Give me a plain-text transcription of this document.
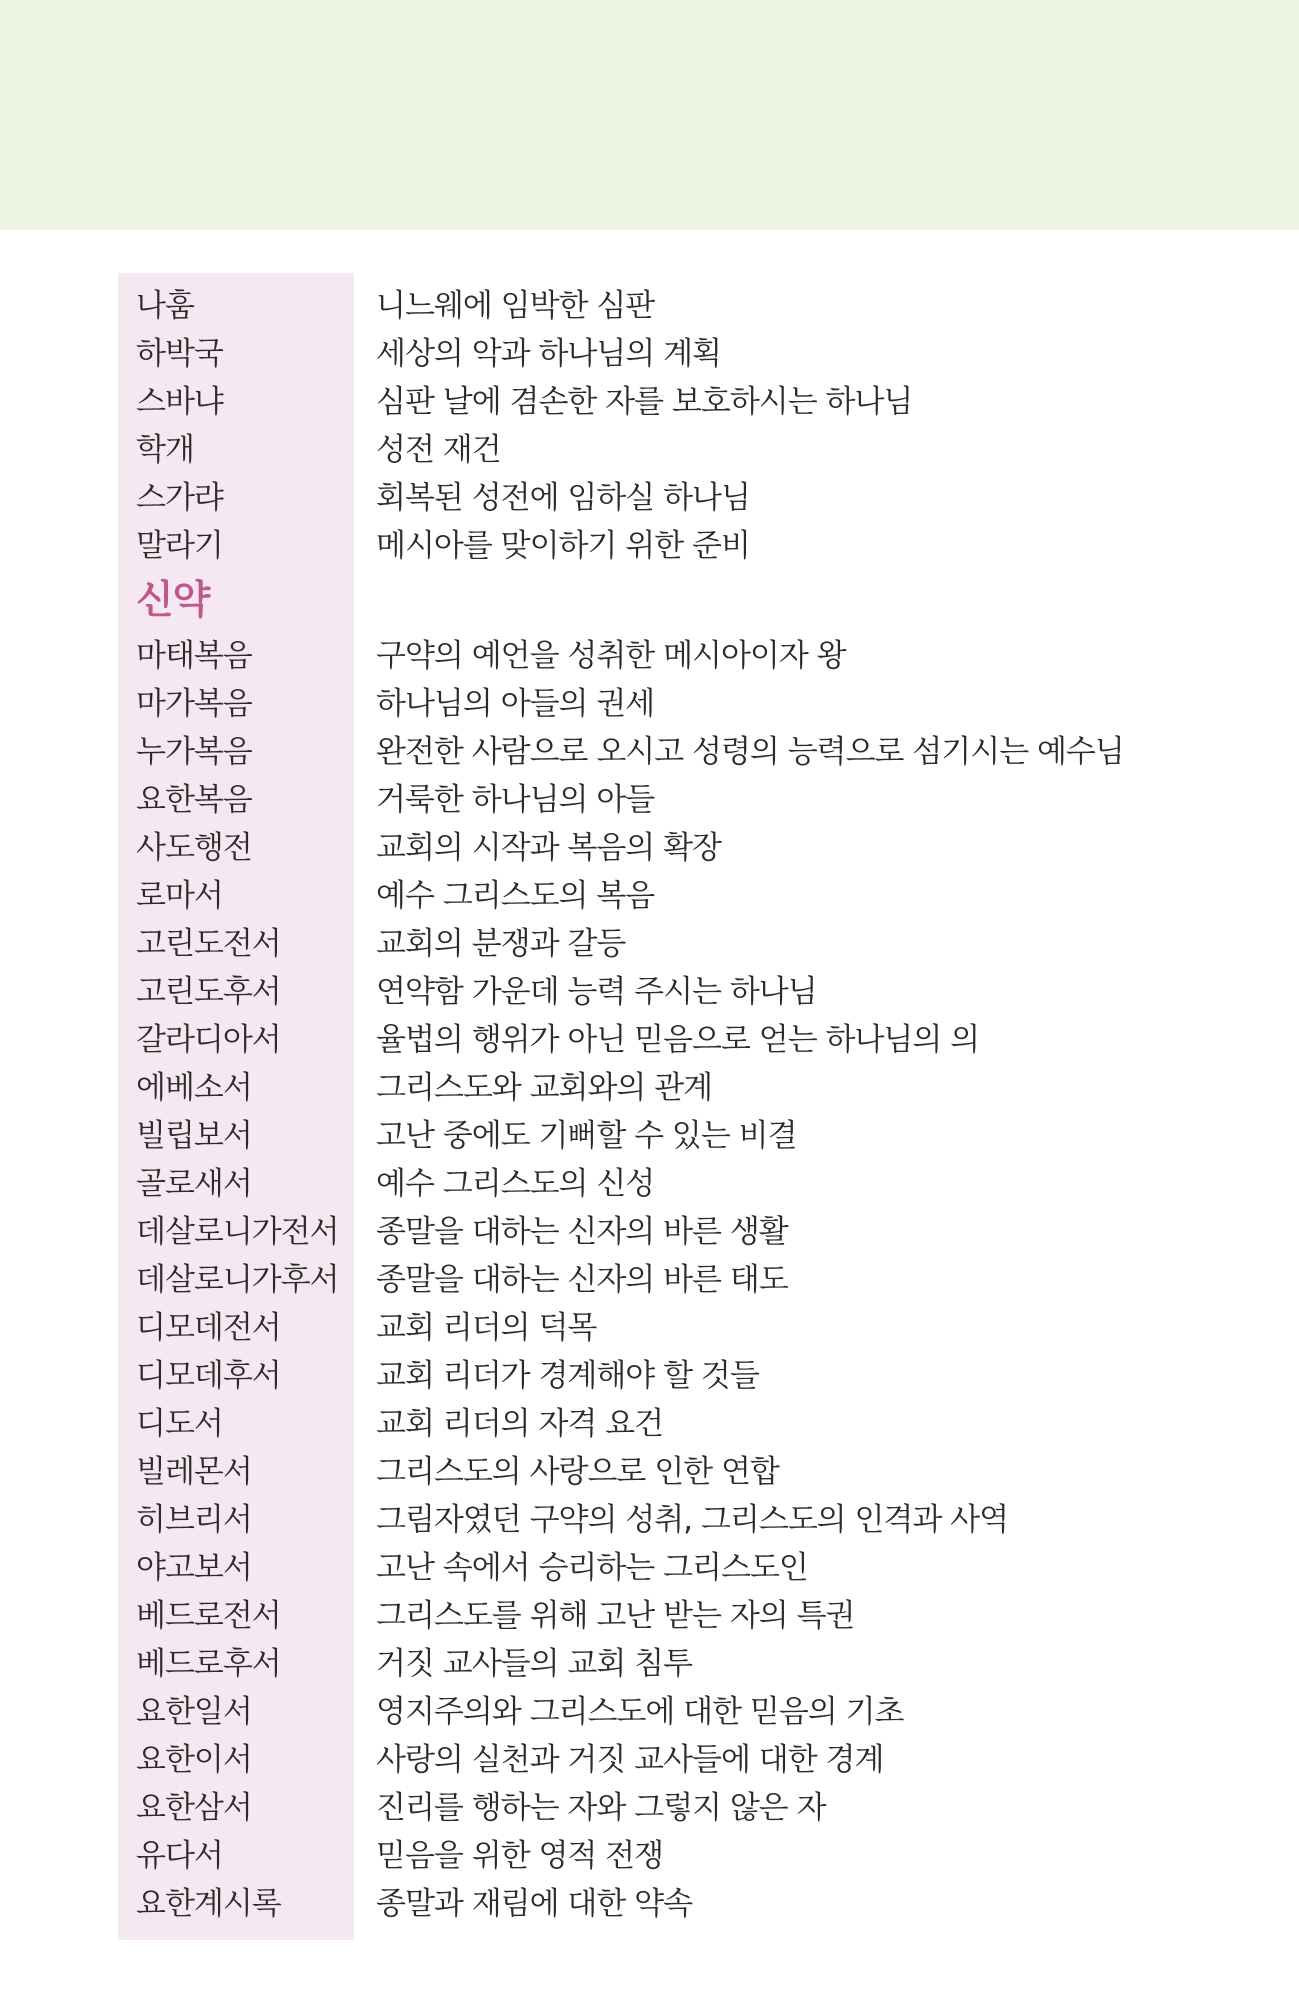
나훔	니느웨에 임박한 심판
하박국	세상의 악과 하나님의 계획
스바냐	심판 날에 겸손한 자를 보호하시는 하나님
학개	성전 재건
스가랴	회복된 성전에 임하실 하나님
말라기	메시아를 맞이하기 위한 준비
신약
마태복음	구약의 예언을 성취한 메시아이자 왕
마가복음	하나님의 아들의 권세
누가복음	완전한 사람으로 오시고 성령의 능력으로 섬기시는 예수님
요한복음	거룩한 하나님의 아들
사도행전	교회의 시작과 복음의 확장
로마서	예수 그리스도의 복음
고린도전서	교회의 분쟁과 갈등
고린도후서	연약함 가운데 능력 주시는 하나님
갈라디아서	율법의 행위가 아닌 믿음으로 얻는 하나님의 의
에베소서	그리스도와 교회와의 관계
빌립보서	고난 중에도 기뻐할 수 있는 비결
골로새서	예수 그리스도의 신성
데살로니가전서	종말을 대하는 신자의 바른 생활
데살로니가후서	종말을 대하는 신자의 바른 태도
디모데전서	교회 리더의 덕목
디모데후서	교회 리더가 경계해야 할 것들
디도서	교회 리더의 자격 요건
빌레몬서	그리스도의 사랑으로 인한 연합
히브리서	그림자였던 구약의 성취, 그리스도의 인격과 사역
야고보서	고난 속에서 승리하는 그리스도인
베드로전서	그리스도를 위해 고난 받는 자의 특권
베드로후서	거짓 교사들의 교회 침투
요한일서	영지주의와 그리스도에 대한 믿음의 기초
요한이서	사랑의 실천과 거짓 교사들에 대한 경계
요한삼서	진리를 행하는 자와 그렇지 않은 자
유다서	믿음을 위한 영적 전쟁
요한계시록	종말과 재림에 대한 약속
